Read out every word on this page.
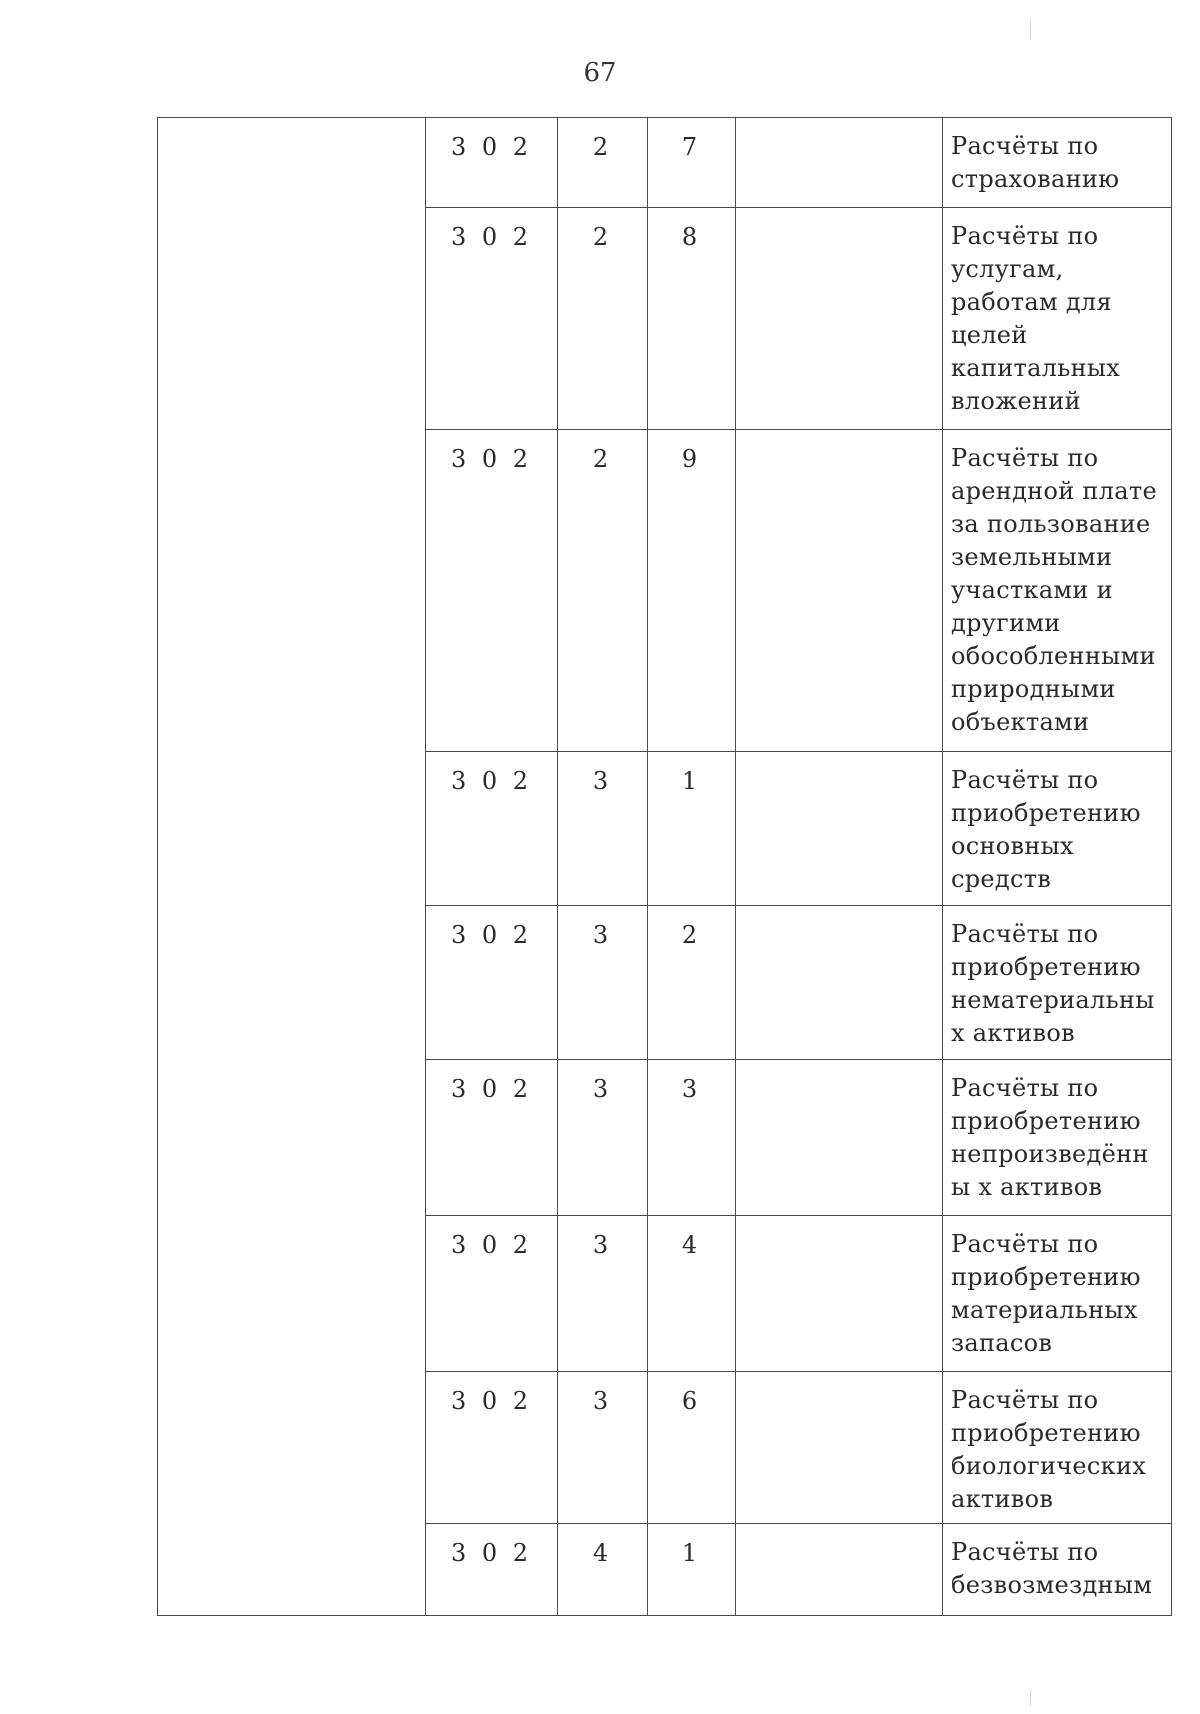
67

	3 0 2	2	7		Расчёты по страхованию

	3 0 2	2	8		Расчёты по услугам, работам для целей капитальных вложений

	3 0 2	2	9		Расчёты по арендной плате за пользование земельными участками и другими обособленными природными объектами

	3 0 2	3	1		Расчёты по приобретению основных средств

	3 0 2	3	2		Расчёты по приобретению нематериальных активов

	3 0 2	3	3		Расчёты по приобретению непроизведённы х активов

	3 0 2	3	4		Расчёты по приобретению материальных запасов

	3 0 2	3	6		Расчёты по приобретению биологических активов

	3 0 2	4	1		Расчёты по безвозмездным
